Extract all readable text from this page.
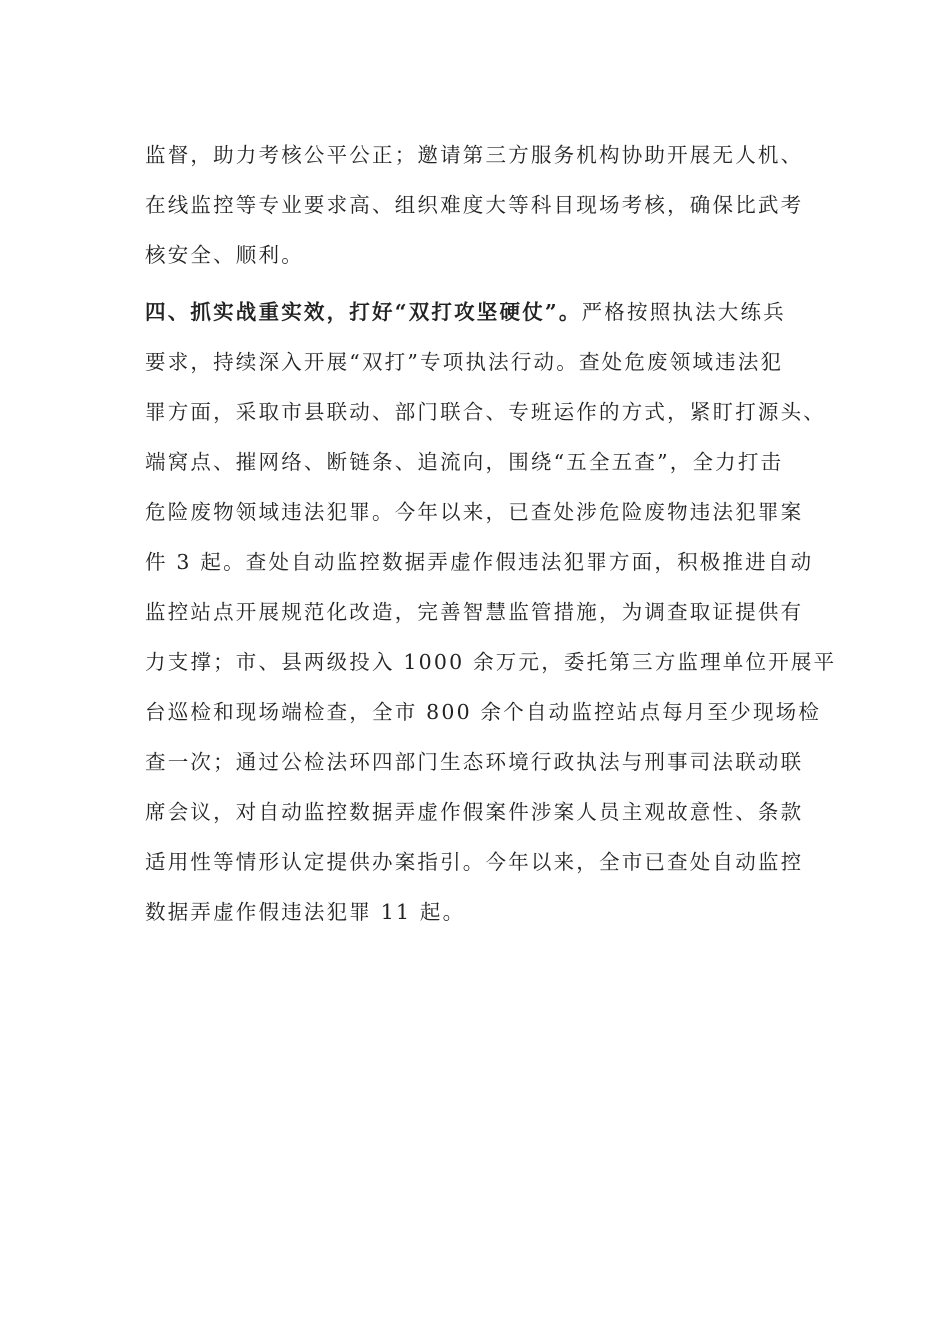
监督，助力考核公平公正；邀请第三方服务机构协助开展无人机、
在线监控等专业要求高、组织难度大等科目现场考核，确保比武考
核安全、顺利。
四、抓实战重实效，打好“双打攻坚硬仗”。严格按照执法大练兵
要求，持续深入开展“双打”专项执法行动。查处危废领域违法犯
罪方面，采取市县联动、部门联合、专班运作的方式，紧盯打源头、
端窝点、摧网络、断链条、追流向，围绕“五全五查”，全力打击
危险废物领域违法犯罪。今年以来，已查处涉危险废物违法犯罪案
件 3 起。查处自动监控数据弄虚作假违法犯罪方面，积极推进自动
监控站点开展规范化改造，完善智慧监管措施，为调查取证提供有
力支撑；市、县两级投入 1000 余万元，委托第三方监理单位开展平
台巡检和现场端检查，全市 800 余个自动监控站点每月至少现场检
查一次；通过公检法环四部门生态环境行政执法与刑事司法联动联
席会议，对自动监控数据弄虚作假案件涉案人员主观故意性、条款
适用性等情形认定提供办案指引。今年以来，全市已查处自动监控
数据弄虚作假违法犯罪 11 起。
